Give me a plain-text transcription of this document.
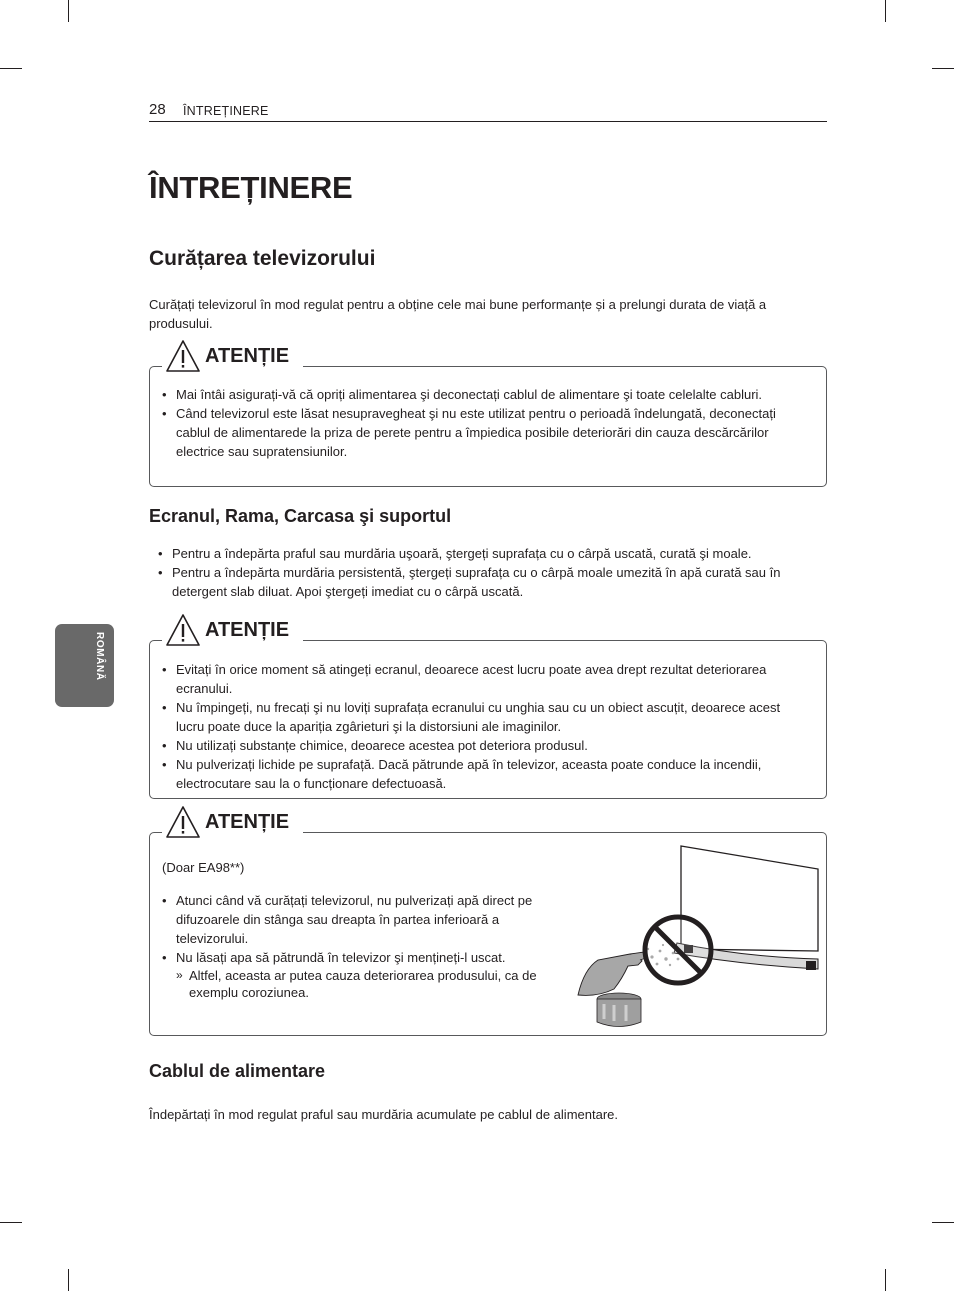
28 ÎNTREȚINERE
ROMÂNĂ
ÎNTREȚINERE
Curățarea televizorului
Curățați televizorul în mod regulat pentru a obține cele mai bune performanțe și a prelungi durata de viață a produsului.
ATENȚIE
• Mai întâi asigurați-vă că opriți alimentarea şi deconectați cablul de alimentare şi toate celelalte cabluri.
• Când televizorul este lăsat nesupravegheat şi nu este utilizat pentru o perioadă îndelungată, deconectați cablul de alimentarede la priza de perete pentru a împiedica posibile deteriorări din cauza descărcărilor electrice sau supratensiunilor.
Ecranul, Rama, Carcasa şi suportul
• Pentru a îndepărta praful sau murdăria uşoară, ştergeți suprafața cu o cârpă uscată, curată şi moale.
• Pentru a îndepărta murdăria persistentă, ştergeți suprafața cu o cârpă moale umezită în apă curată sau în detergent slab diluat. Apoi ştergeți imediat cu o cârpă uscată.
ATENȚIE
• Evitați în orice moment să atingeți ecranul, deoarece acest lucru poate avea drept rezultat deteriorarea ecranului.
• Nu împingeți, nu frecați şi nu loviți suprafața ecranului cu unghia sau cu un obiect ascuțit, deoarece acest lucru poate duce la apariția zgârieturi şi la distorsiuni ale imaginilor.
• Nu utilizați substanțe chimice, deoarece acestea pot deteriora produsul.
• Nu pulverizați lichide pe suprafață. Dacă pătrunde apă în televizor, aceasta poate conduce la incendii, electrocutare sau la o funcționare defectuoasă.
ATENȚIE
(Doar EA98**)
• Atunci când vă curățați televizorul, nu pulverizați apă direct pe difuzoarele din stânga sau dreapta în partea inferioară a televizorului.
• Nu lăsați apa să pătrundă în televizor şi mențineți-l uscat.
» Altfel, aceasta ar putea cauza deteriorarea produsului, ca de exemplu coroziunea.
Cablul de alimentare
Îndepărtați în mod regulat praful sau murdăria acumulate pe cablul de alimentare.
